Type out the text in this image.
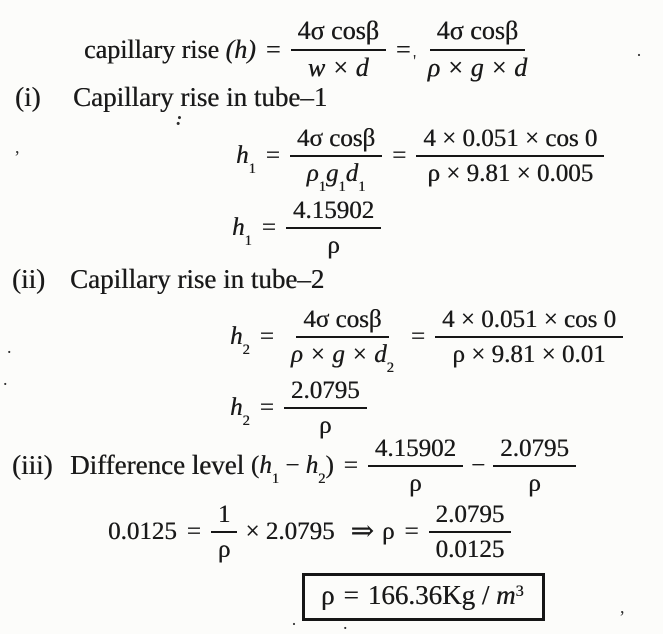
capillary rise $(h) = \frac{\text{4σ cosβ}}{w \times d} = \frac{\text{4σ cosβ}}{\rho \times g \times d}$
(i)	Capillary rise in tube–1
$h_1$
= $\frac{\text{4σ cosβ}}{\rho_1g_1d_1} = \frac{4 \times 0.051 \times \cos 0}{\rho \times 9.81 \times 0.005}$
$h_1$
= $\frac{4.15902}{\rho}$
(ii) Capillary rise in tube–2
$h_2$
= $\frac{\text{4σ cosβ}}{\rho \times g \times d_2} = \frac{4 \times 0.051 \times \cos 0}{\rho \times 9.81 \times 0.01}$
$h_2$
= $\frac{2.0795}{\rho}$
(iii) Difference level $(h_1 - h_2) = \frac{4.15902}{\rho} - \frac{2.0795}{\rho}$
$0.0125 = \frac{1}{\rho} \times 2.0795$ ⇒ $\rho = \frac{2.0795}{0.0125}$
ρ = 166.36 Kg / $m^3$
:
'	·
,
.
.
·	.
,
